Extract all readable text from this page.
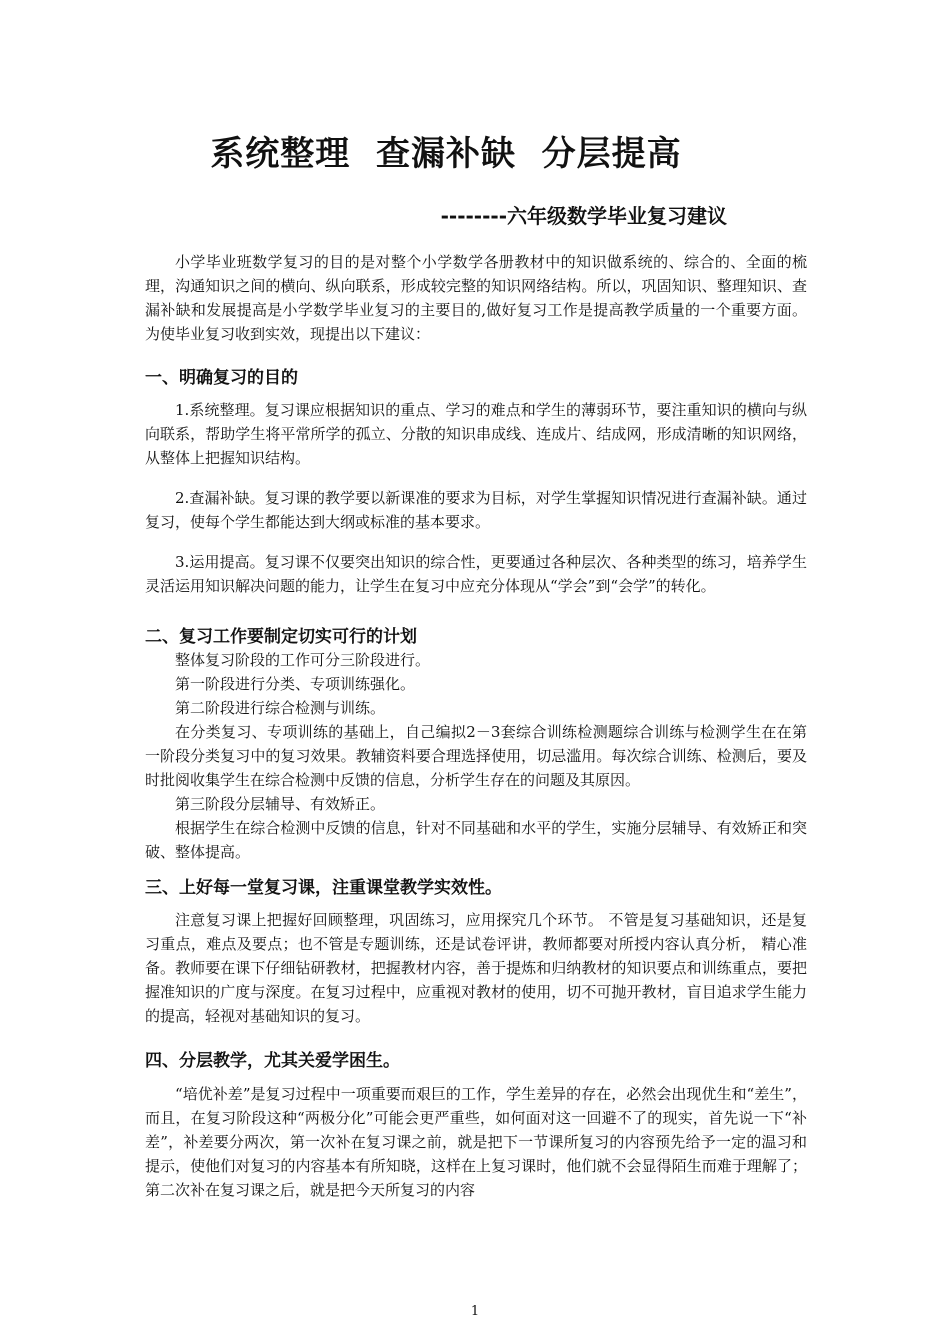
系统整理  查漏补缺  分层提高
--------六年级数学毕业复习建议

小学毕业班数学复习的目的是对整个小学数学各册教材中的知识做系统的、综合的、全面的梳理，沟通知识之间的横向、纵向联系，形成较完整的知识网络结构。所以，巩固知识、整理知识、查漏补缺和发展提高是小学数学毕业复习的主要目的,做好复习工作是提高教学质量的一个重要方面。为使毕业复习收到实效，现提出以下建议：

一、明确复习的目的

1.系统整理。复习课应根据知识的重点、学习的难点和学生的薄弱环节，要注重知识的横向与纵向联系，帮助学生将平常所学的孤立、分散的知识串成线、连成片、结成网，形成清晰的知识网络，从整体上把握知识结构。

2.查漏补缺。复习课的教学要以新课准的要求为目标，对学生掌握知识情况进行查漏补缺。通过复习，使每个学生都能达到大纲或标准的基本要求。

3.运用提高。复习课不仅要突出知识的综合性，更要通过各种层次、各种类型的练习，培养学生灵活运用知识解决问题的能力，让学生在复习中应充分体现从“学会”到“会学”的转化。

二、复习工作要制定切实可行的计划

整体复习阶段的工作可分三阶段进行。

第一阶段进行分类、专项训练强化。

第二阶段进行综合检测与训练。

在分类复习、专项训练的基础上，自己编拟2－3套综合训练检测题综合训练与检测学生在在第一阶段分类复习中的复习效果。教辅资料要合理选择使用，切忌滥用。每次综合训练、检测后，要及时批阅收集学生在综合检测中反馈的信息，分析学生存在的问题及其原因。

第三阶段分层辅导、有效矫正。

根据学生在综合检测中反馈的信息，针对不同基础和水平的学生，实施分层辅导、有效矫正和突破、整体提高。

三、上好每一堂复习课，注重课堂教学实效性。

注意复习课上把握好回顾整理，巩固练习，应用探究几个环节。 不管是复习基础知识，还是复习重点，难点及要点；也不管是专题训练，还是试卷评讲，教师都要对所授内容认真分析， 精心准备。教师要在课下仔细钻研教材，把握教材内容，善于提炼和归纳教材的知识要点和训练重点，要把握准知识的广度与深度。在复习过程中，应重视对教材的使用，切不可抛开教材，盲目追求学生能力的提高，轻视对基础知识的复习。

四、分层教学，尤其关爱学困生。

“培优补差”是复习过程中一项重要而艰巨的工作，学生差异的存在，必然会出现优生和“差生”，而且，在复习阶段这种“两极分化”可能会更严重些，如何面对这一回避不了的现实，首先说一下“补差”，补差要分两次，第一次补在复习课之前，就是把下一节课所复习的内容预先给予一定的温习和提示，使他们对复习的内容基本有所知晓，这样在上复习课时，他们就不会显得陌生而难于理解了；第二次补在复习课之后，就是把今天所复习的内容

1
